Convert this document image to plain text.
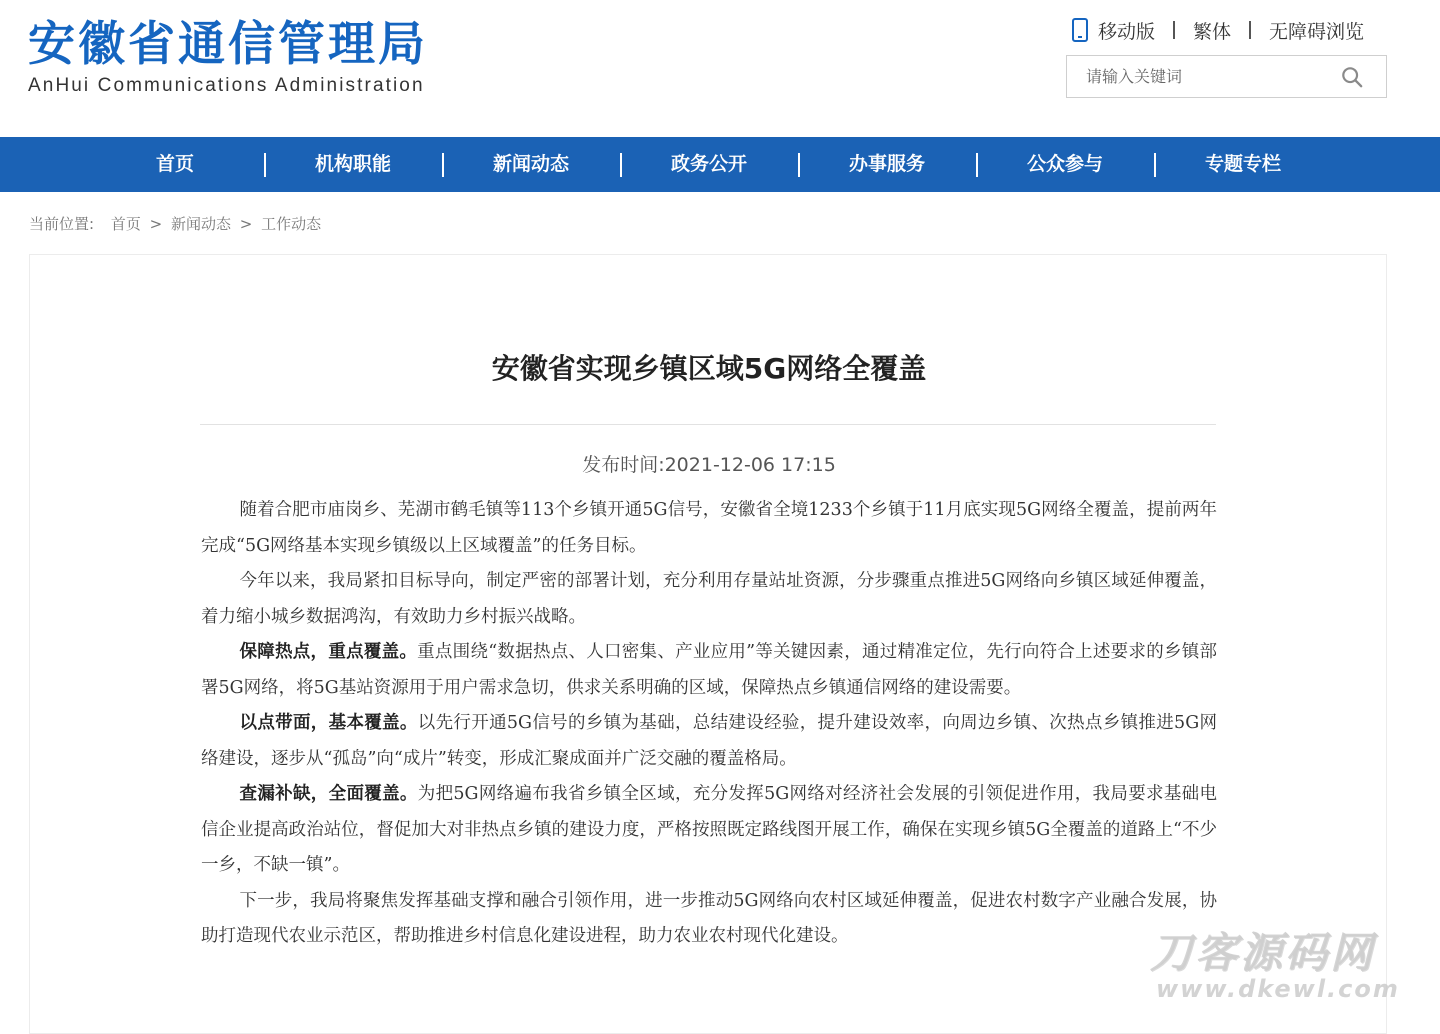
安徽省通信管理局
AnHui Communications Administration
移动版 繁体 无障碍浏览
请输入关键词
首页	机构职能	新闻动态	政务公开	办事服务	公众参与	专题专栏
当前位置: 首页 > 新闻动态 > 工作动态
安徽省实现乡镇区域5G网络全覆盖
发布时间:2021-12-06 17:15

随着合肥市庙岗乡、芜湖市鹤毛镇等113个乡镇开通5G信号，安徽省全境1233个乡镇于11月底实现5G网络全覆盖，提前两年完成“5G网络基本实现乡镇级以上区域覆盖”的任务目标。

今年以来，我局紧扣目标导向，制定严密的部署计划，充分利用存量站址资源，分步骤重点推进5G网络向乡镇区域延伸覆盖，着力缩小城乡数据鸿沟，有效助力乡村振兴战略。

保障热点，重点覆盖。重点围绕“数据热点、人口密集、产业应用”等关键因素，通过精准定位，先行向符合上述要求的乡镇部署5G网络，将5G基站资源用于用户需求急切，供求关系明确的区域，保障热点乡镇通信网络的建设需要。

以点带面，基本覆盖。以先行开通5G信号的乡镇为基础，总结建设经验，提升建设效率，向周边乡镇、次热点乡镇推进5G网络建设，逐步从“孤岛”向“成片”转变，形成汇聚成面并广泛交融的覆盖格局。

查漏补缺，全面覆盖。为把5G网络遍布我省乡镇全区域，充分发挥5G网络对经济社会发展的引领促进作用，我局要求基础电信企业提高政治站位，督促加大对非热点乡镇的建设力度，严格按照既定路线图开展工作，确保在实现乡镇5G全覆盖的道路上“不少一乡，不缺一镇”。

下一步，我局将聚焦发挥基础支撑和融合引领作用，进一步推动5G网络向农村区域延伸覆盖，促进农村数字产业融合发展，协助打造现代农业示范区，帮助推进乡村信息化建设进程，助力农业农村现代化建设。	刀客源码网
www.dkewl.com
